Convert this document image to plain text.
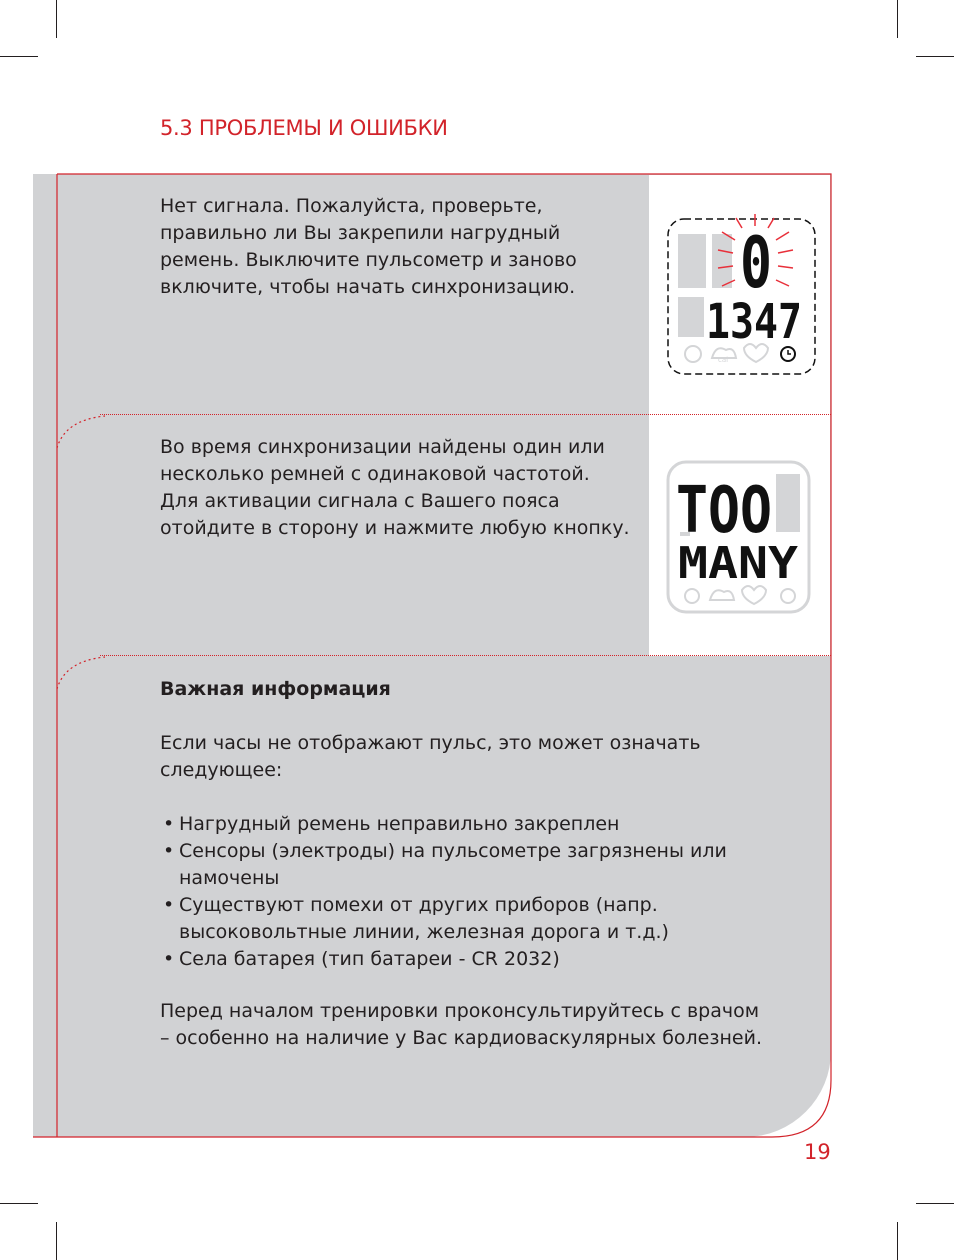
5.3 ПРОБЛЕМЫ И ОШИБКИ

Нет сигнала. Пожалуйста, проверьте,
правильно ли Вы закрепили нагрудный
ремень. Выключите пульсометр и заново
включите, чтобы начать синхронизацию.	0
1347
cal

Во время синхронизации найдены один или
несколько ремней с одинаковой частотой.
Для активации сигнала с Вашего пояса
отойдите в сторону и нажмите любую кнопку. TOO
MANY

Важная информация

Если часы не отображают пульс, это может означать
следующее:

• Нагрудный ремень неправильно закреплен
• Сенсоры (электроды) на пульсометре загрязнены или
намочены
• Существуют помехи от других приборов (напр.
высоковольтные линии, железная дорога и т.д.)
• Села батарея (тип батареи - CR 2032)

Перед началом тренировки проконсультируйтесь с врачом
– особенно на наличие у Вас кардиоваскулярных болезней.

19
